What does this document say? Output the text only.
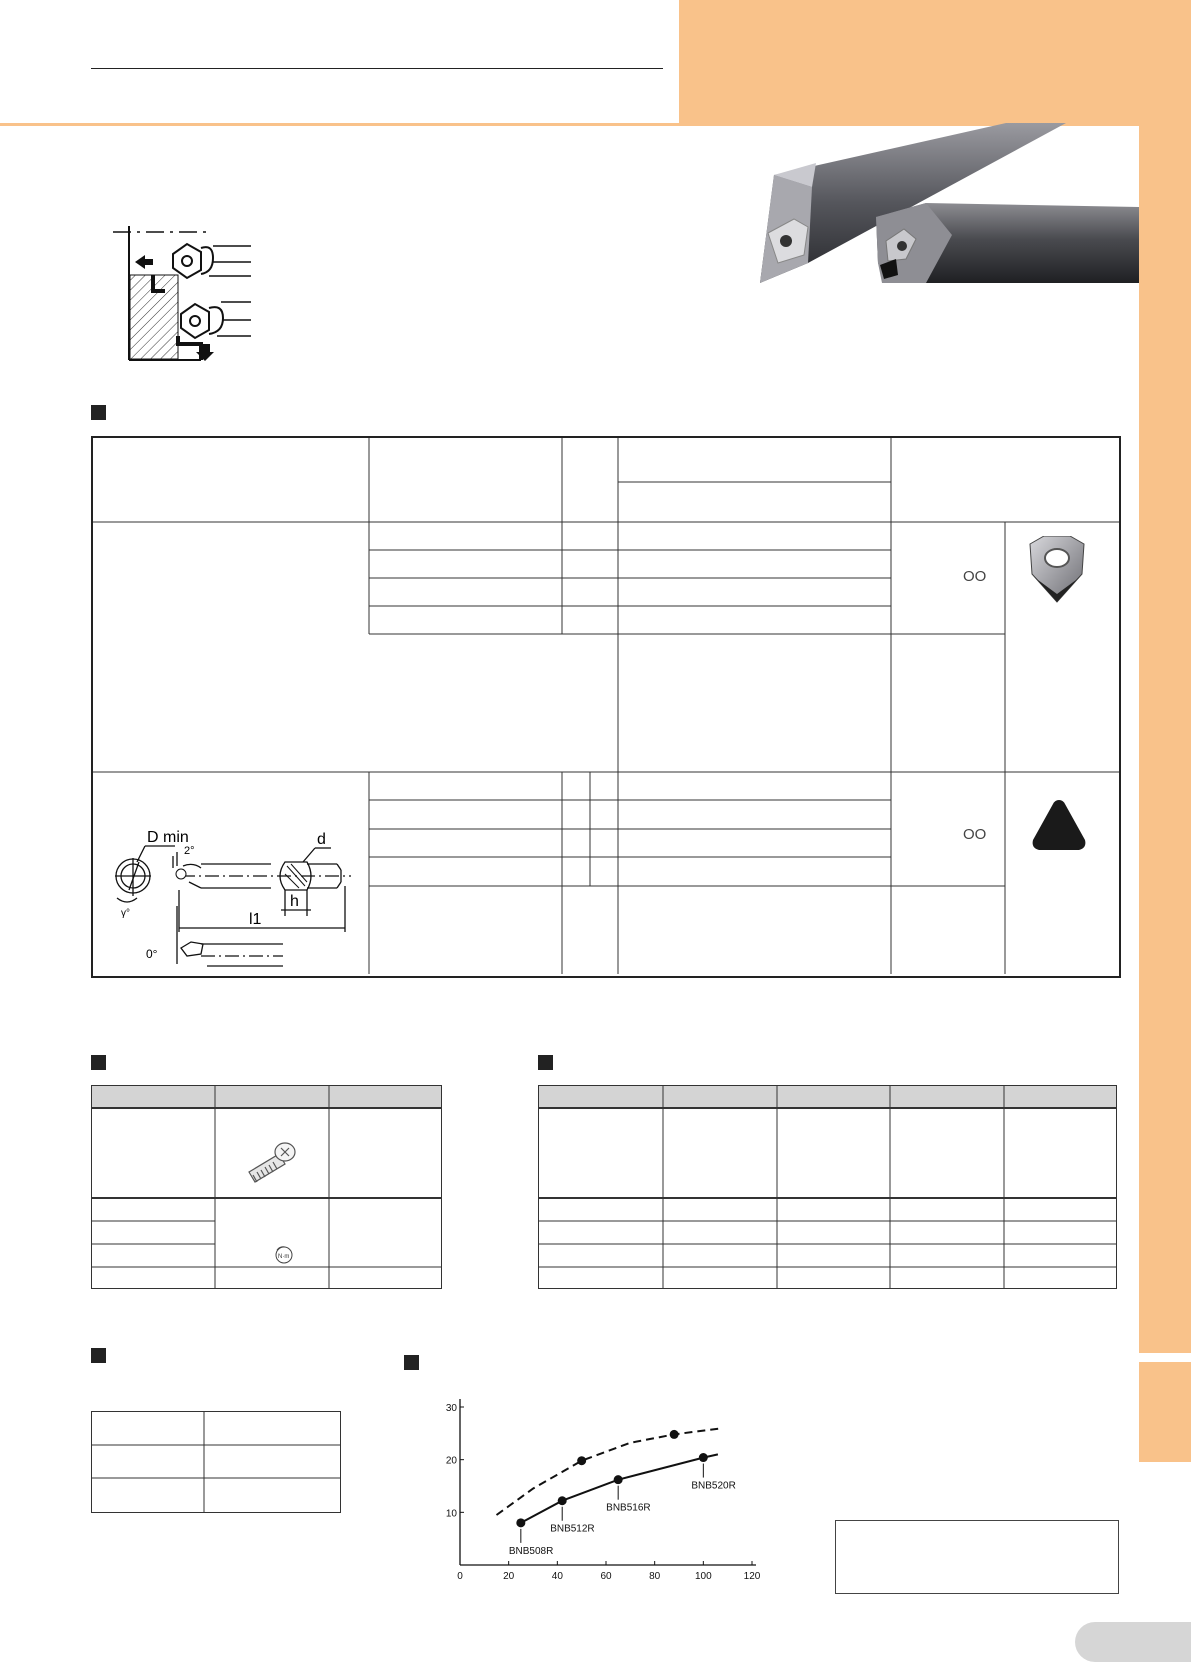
OO
OO
D min
2°
d
h
l1
γ°
0°
N·m
0	20	40	60	80	100	120
10
20
30
BNB508R
BNB512R
BNB516R
BNB520R
